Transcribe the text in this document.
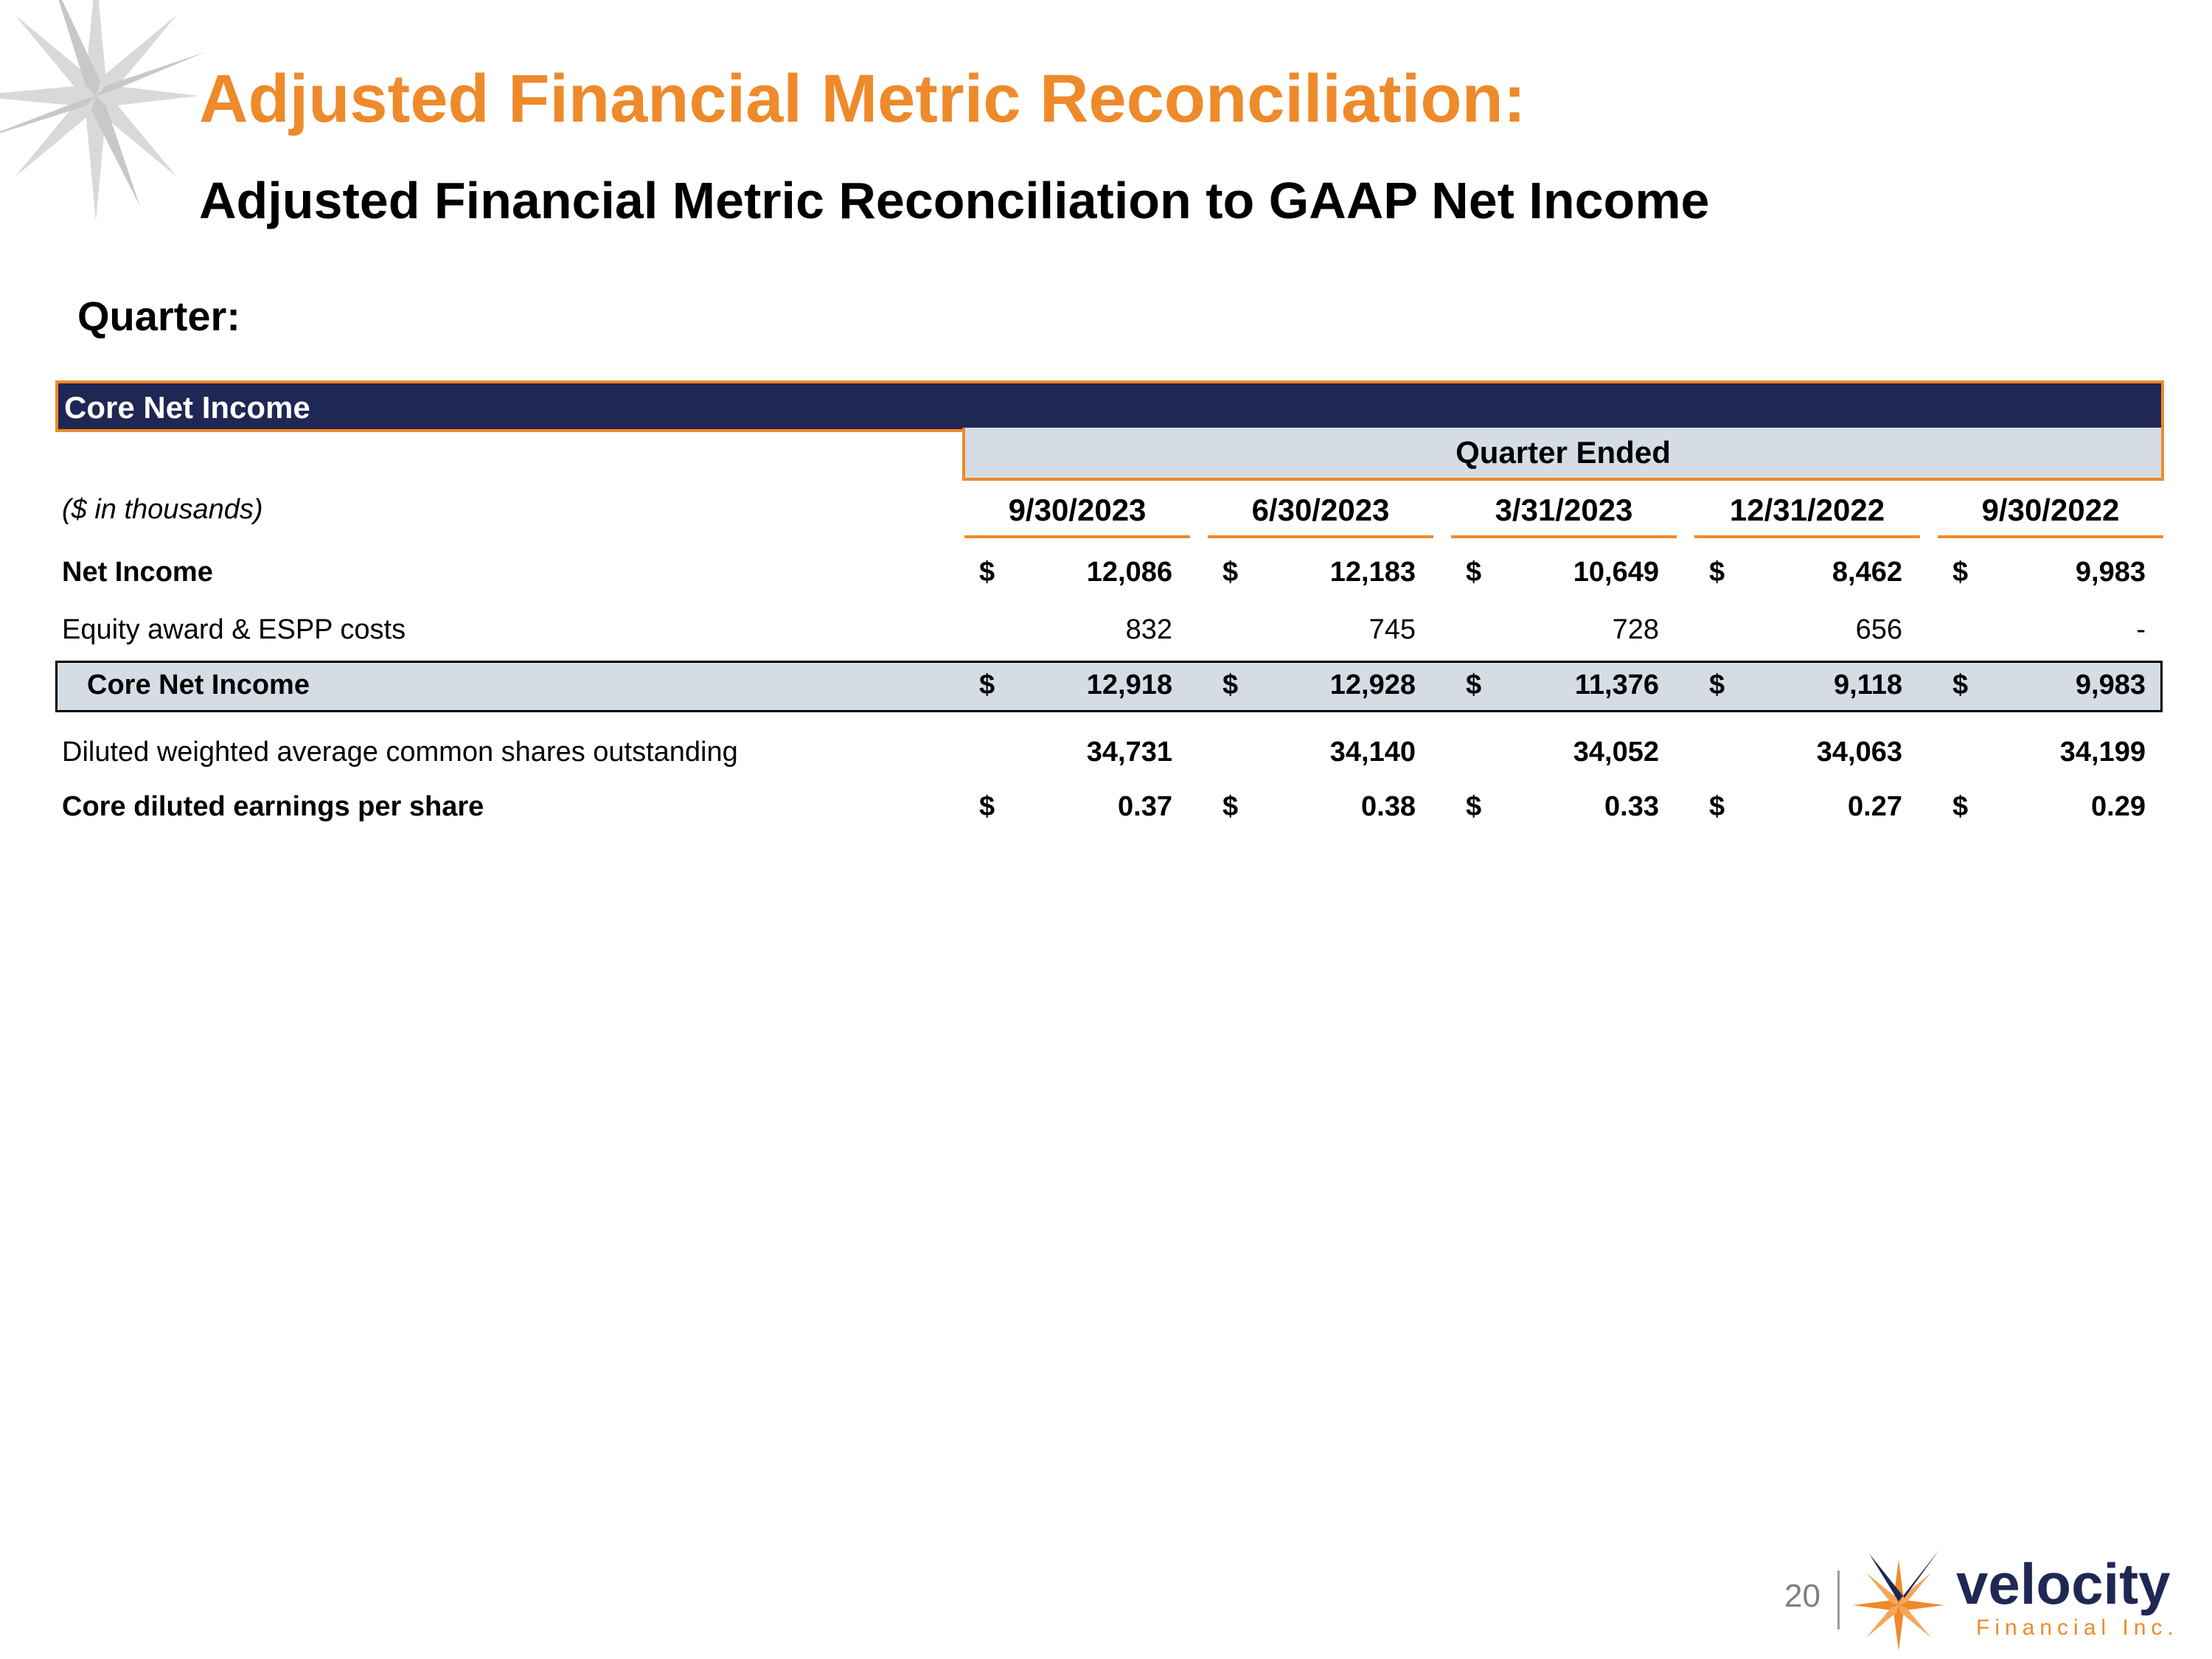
Adjusted Financial Metric Reconciliation:
Adjusted Financial Metric Reconciliation to GAAP Net Income
Quarter:
Core Net Income
Quarter Ended
($ in thousands)	9/30/2023	6/30/2023	3/31/2023	12/31/2022	9/30/2022
Net Income	$	12,086 $	12,183 $	10,649 $	8,462 $	9,983
Equity award & ESPP costs	832	745	728	656	-
Core Net Income	$	12,918 $	12,928 $	11,376 $	9,118 $	9,983
Diluted weighted average common shares outstanding	34,731	34,140	34,052	34,063	34,199
Core diluted earnings per share	$	0.37 $	0.38 $	0.33 $	0.27 $	0.29
20 velocity
Financial Inc.
